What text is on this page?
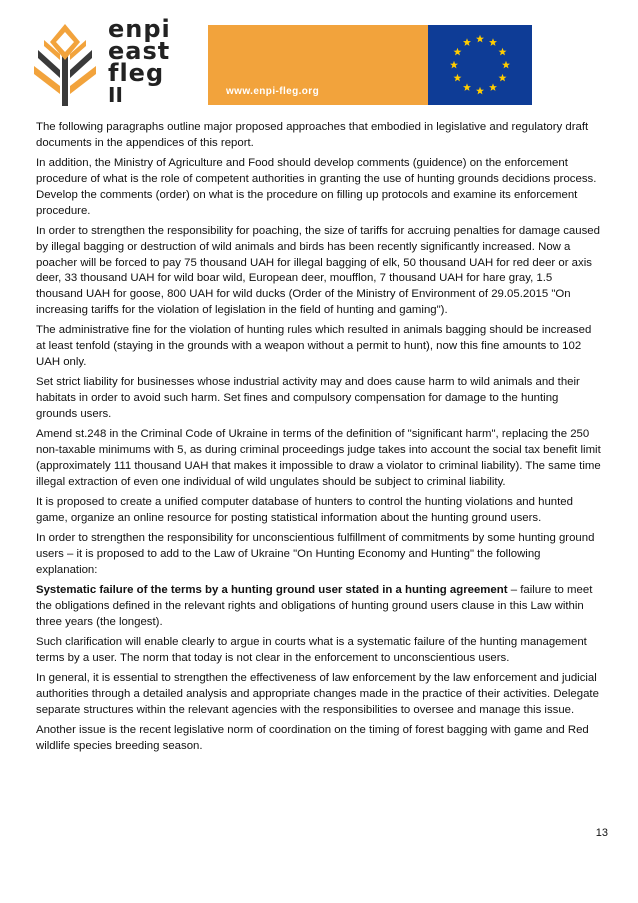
enpi
east
fleg
II	www.enpi-fleg.org

The following paragraphs outline major proposed approaches that embodied in legislative and regulatory draft documents in the appendices of this report.

In addition, the Ministry of Agriculture and Food should develop comments (guidence) on the enforcement procedure of what is the role of competent authorities in granting the use of hunting grounds decidions process. Develop the comments (order) on what is the procedure on filling up protocols and examine its enforcement procedure.

In order to strengthen the responsibility for poaching, the size of tariffs for accruing penalties for damage caused by illegal bagging or destruction of wild animals and birds has been recently significantly increased. Now a poacher will be forced to pay 75 thousand UAH for illegal bagging of elk, 50 thousand UAH for red deer or axis deer, 33 thousand UAH for wild boar wild, European deer, moufflon, 7 thousand UAH for hare gray, 1.5 thousand UAH for goose, 800 UAH for wild ducks (Order of the Ministry of Environment of 29.05.2015 "On increasing tariffs for the violation of legislation in the field of hunting and gaming").

The administrative fine for the violation of hunting rules which resulted in animals bagging should be increased at least tenfold (staying in the grounds with a weapon without a permit to hunt), now this fine amounts to 102 UAH only.

Set strict liability for businesses whose industrial activity may and does cause harm to wild animals and their habitats in order to avoid such harm. Set fines and compulsory compensation for damage to the hunting grounds users.

Amend st.248 in the Criminal Code of Ukraine in terms of the definition of "significant harm", replacing the 250 non-taxable minimums with 5, as during criminal proceedings judge takes into account the social tax benefit limit (approximately 111 thousand UAH that makes it impossible to draw a violator to criminal liability). The same time illegal extraction of even one individual of wild ungulates should be subject to criminal liability.

It is proposed to create a unified computer database of hunters to control the hunting violations and hunted game, organize an online resource for posting statistical information about the hunting ground users.

In order to strengthen the responsibility for unconscientious fulfillment of commitments by some hunting ground users – it is proposed to add to the Law of Ukraine "On Hunting Economy and Hunting" the following explanation:

Systematic failure of the terms by a hunting ground user stated in a hunting agreement – failure to meet the obligations defined in the relevant rights and obligations of hunting ground users clause in this Law within three years (the longest).

Such clarification will enable clearly to argue in courts what is a systematic failure of the hunting management terms by a user. The norm that today is not clear in the enforcement to unconscientious users.

In general, it is essential to strengthen the effectiveness of law enforcement by the law enforcement and judicial authorities through a detailed analysis and appropriate changes made in the practice of their activities. Delegate separate structures within the relevant agencies with the responsibilities to oversee and manage this issue.

Another issue is the recent legislative norm of coordination on the timing of forest bagging with game and Red wildlife species breeding season.

13
